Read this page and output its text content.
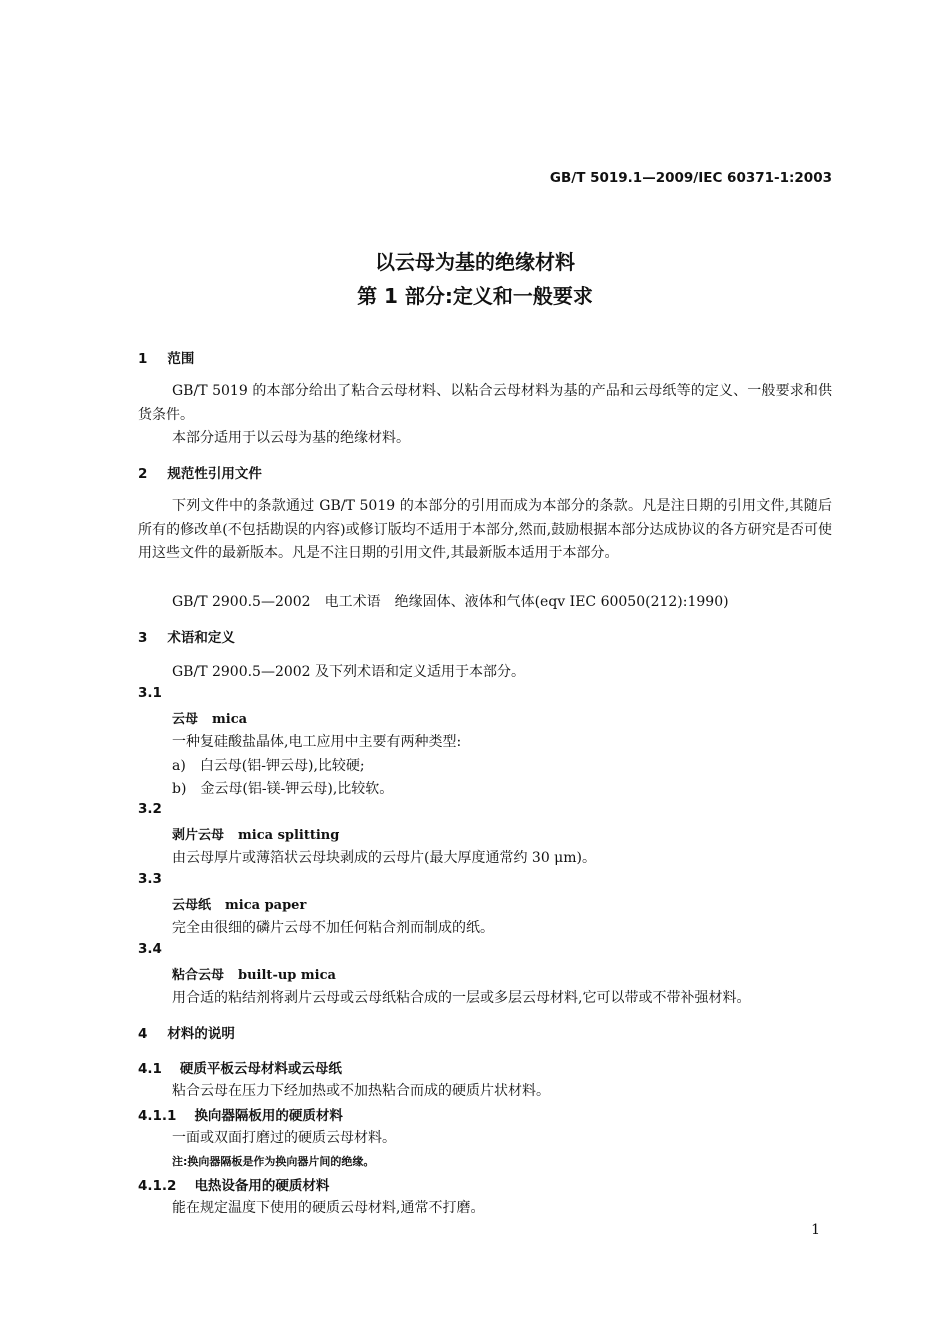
GB/T 5019.1—2009/IEC 60371-1:2003
以云母为基的绝缘材料
第 1 部分:定义和一般要求
1 范围

GB/T 5019 的本部分给出了粘合云母材料、以粘合云母材料为基的产品和云母纸等的定义、一般要求和供货条件。

本部分适用于以云母为基的绝缘材料。

2 规范性引用文件

下列文件中的条款通过 GB/T 5019 的本部分的引用而成为本部分的条款。凡是注日期的引用文件,其随后所有的修改单(不包括勘误的内容)或修订版均不适用于本部分,然而,鼓励根据本部分达成协议的各方研究是否可使用这些文件的最新版本。凡是不注日期的引用文件,其最新版本适用于本部分。

GB/T 2900.5—2002 电工术语 绝缘固体、液体和气体(eqv IEC 60050(212):1990)
3 术语和定义
GB/T 2900.5—2002 及下列术语和定义适用于本部分。
3.1
云母 mica
一种复硅酸盐晶体,电工应用中主要有两种类型:
a) 白云母(铝-钾云母),比较硬;
b) 金云母(铝-镁-钾云母),比较软。
3.2
剥片云母 mica splitting
由云母厚片或薄箔状云母块剥成的云母片(最大厚度通常约 30 μm)。
3.3
云母纸 mica paper
完全由很细的磷片云母不加任何粘合剂而制成的纸。
3.4
粘合云母 built-up mica
用合适的粘结剂将剥片云母或云母纸粘合成的一层或多层云母材料,它可以带或不带补强材料。
4 材料的说明
4.1 硬质平板云母材料或云母纸
粘合云母在压力下经加热或不加热粘合而成的硬质片状材料。
4.1.1 换向器隔板用的硬质材料
一面或双面打磨过的硬质云母材料。
注:换向器隔板是作为换向器片间的绝缘。
4.1.2 电热设备用的硬质材料
能在规定温度下使用的硬质云母材料,通常不打磨。
1
